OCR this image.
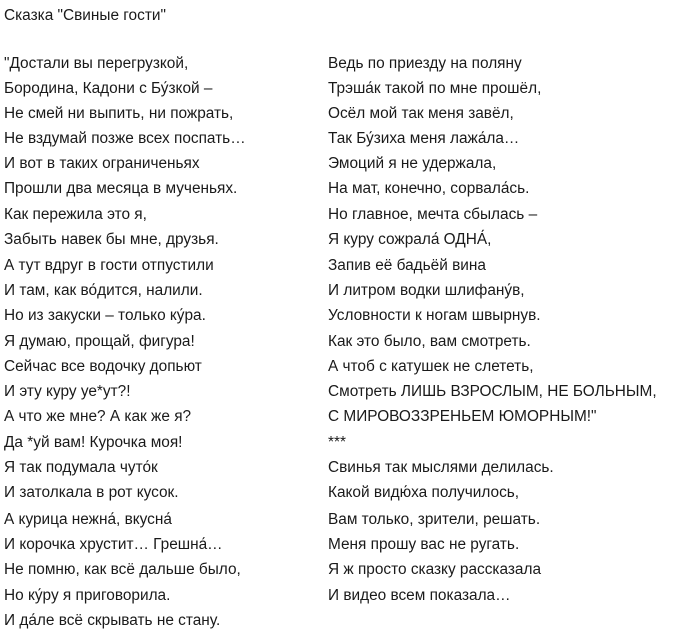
Сказка "Свиные гости"
"Достали вы перегрузкой,
Бородина, Кадони с Бу́зкой –
Не смей ни выпить, ни пожрать,
Не вздумай позже всех поспать…
И вот в таких ограниченьях
Прошли два месяца в мученьях.
Как пережила это я,
Забыть навек бы мне, друзья.
А тут вдруг в гости отпустили
И там, как во́дится, налили.
Но из закуски – только ку́ра.
Я думаю, прощай, фигура!
Сейчас все водочку допьют
И эту куру уе*ут?!
А что же мне? А как же я?
Да *уй вам! Курочка моя!
Я так подумала чуто́к
И затолкала в рот кусок.
А курица нежна́, вкусна́
И корочка хрустит… Грешна́…
Не помню, как всё дальше было,
Но ку́ру я приговорила.
И да́ле всё скрывать не стану.
Ведь по приезду на поляну
Трэша́к такой по мне прошёл,
Осёл мой так меня завёл,
Так Бу́зиха меня лажа́ла…
Эмоций я не удержала,
На мат, конечно, сорвала́сь.
Но главное, мечта сбылась –
Я куру сожрала́ ОДНА́,
Запив её бадьёй вина
И литром водки шлифану́в,
Условности к ногам швырнув.
Как это было, вам смотреть.
А чтоб с катушек не слететь,
Смотреть ЛИШЬ ВЗРОСЛЫМ, НЕ БОЛЬНЫМ,
С МИРОВОЗЗРЕНЬЕМ ЮМОРНЫМ!"
***
Свинья так мыслями делилась.
Какой видю́ха получилось,
Вам только, зрители, решать.
Меня прошу вас не ругать.
Я ж просто сказку рассказала
И видео всем показала…
